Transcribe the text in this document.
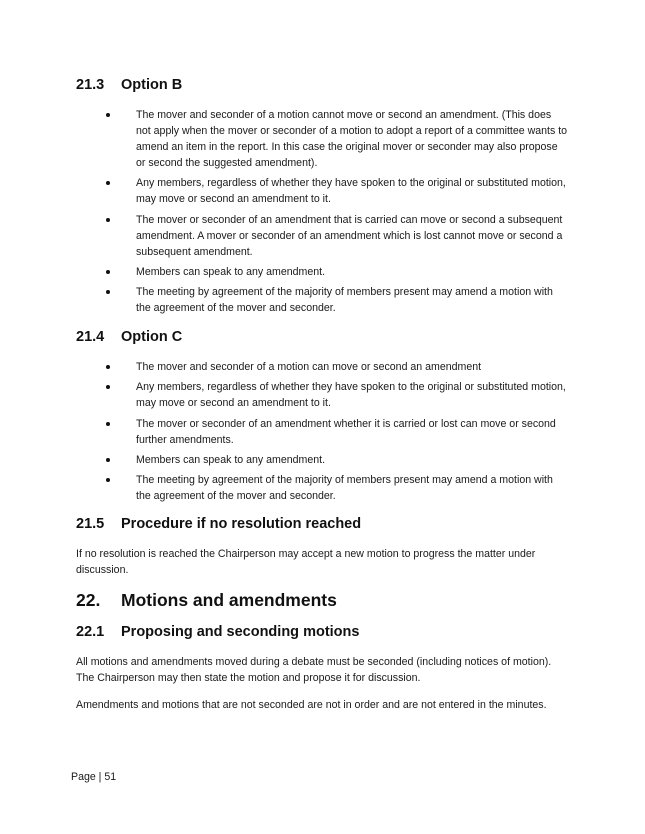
21.3 Option B
The mover and seconder of a motion cannot move or second an amendment. (This does not apply when the mover or seconder of a motion to adopt a report of a committee wants to amend an item in the report. In this case the original mover or seconder may also propose or second the suggested amendment).
Any members, regardless of whether they have spoken to the original or substituted motion, may move or second an amendment to it.
The mover or seconder of an amendment that is carried can move or second a subsequent amendment. A mover or seconder of an amendment which is lost cannot move or second a subsequent amendment.
Members can speak to any amendment.
The meeting by agreement of the majority of members present may amend a motion with the agreement of the mover and seconder.
21.4 Option C
The mover and seconder of a motion can move or second an amendment
Any members, regardless of whether they have spoken to the original or substituted motion, may move or second an amendment to it.
The mover or seconder of an amendment whether it is carried or lost can move or second further amendments.
Members can speak to any amendment.
The meeting by agreement of the majority of members present may amend a motion with the agreement of the mover and seconder.
21.5 Procedure if no resolution reached

If no resolution is reached the Chairperson may accept a new motion to progress the matter under discussion.

22. Motions and amendments
22.1 Proposing and seconding motions

All motions and amendments moved during a debate must be seconded (including notices of motion). The Chairperson may then state the motion and propose it for discussion.

Amendments and motions that are not seconded are not in order and are not entered in the minutes.

Page | 51
